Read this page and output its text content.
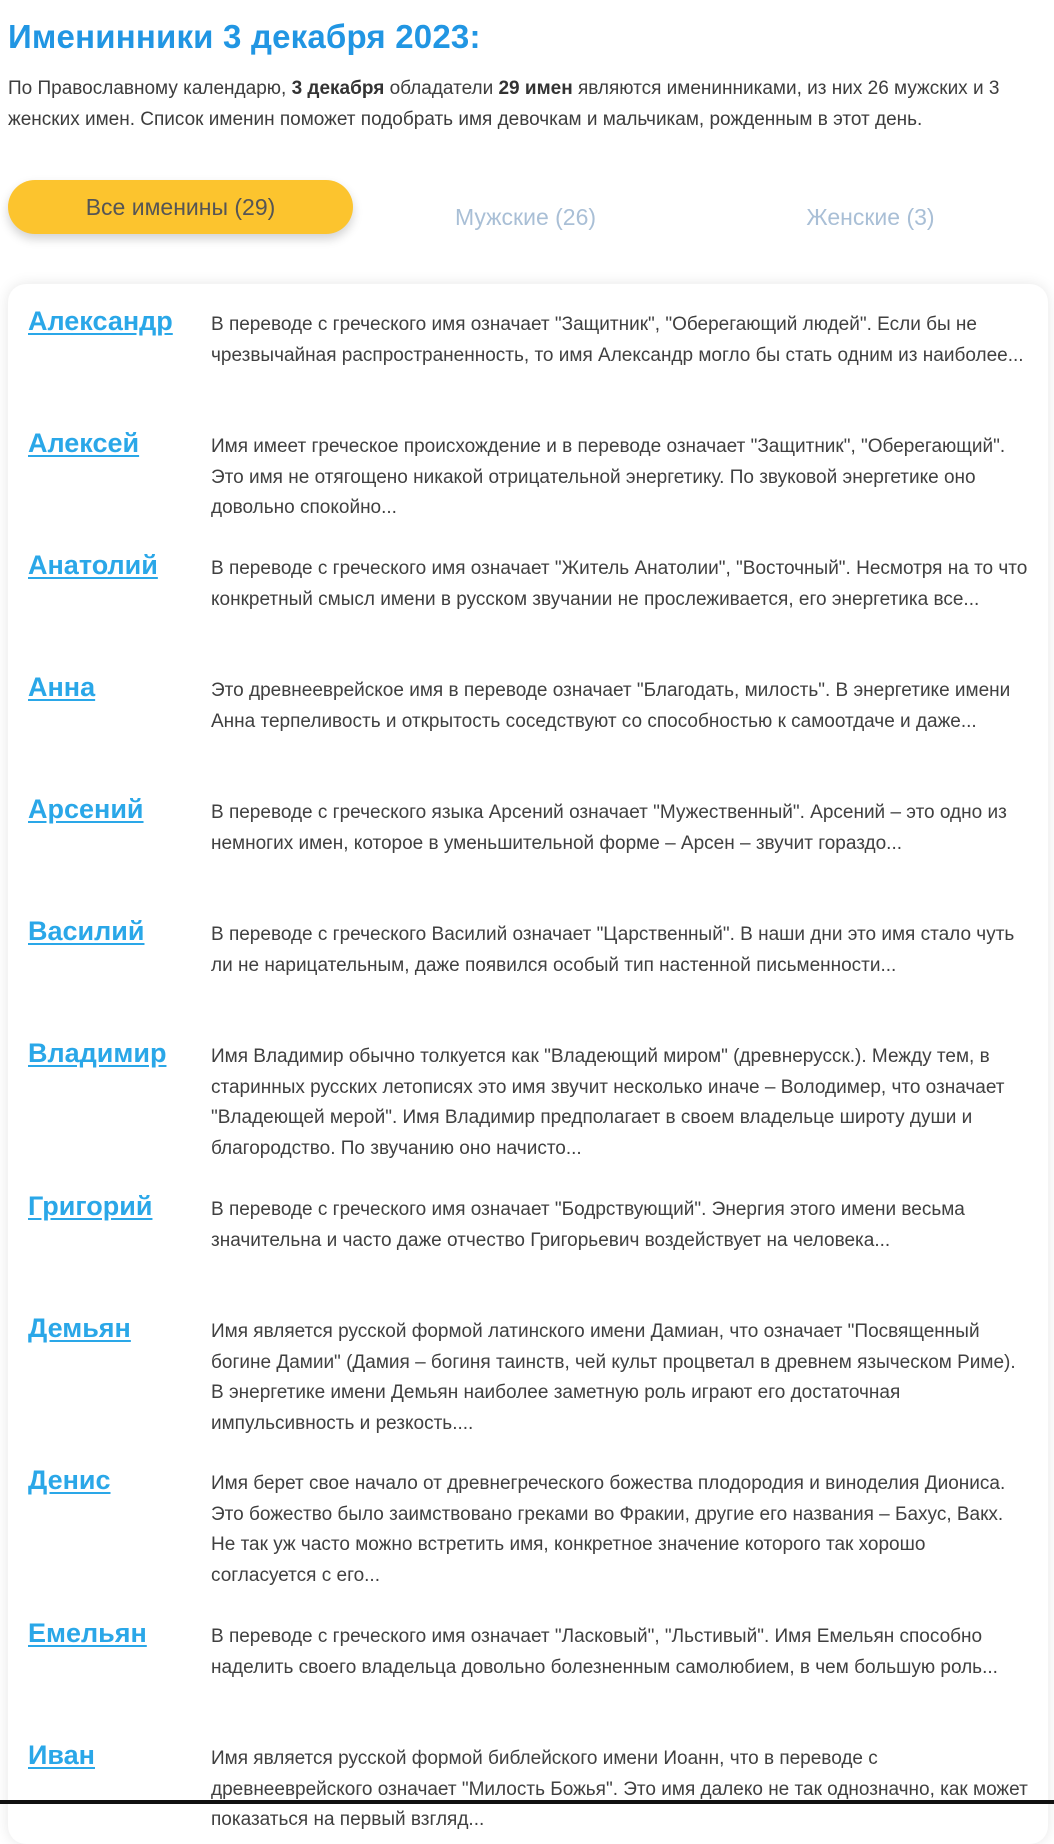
Именинники 3 декабря 2023:

По Православному календарю, 3 декабря обладатели 29 имен являются именинниками, из них 26 мужских и 3 женских имен. Список именин поможет подобрать имя девочкам и мальчикам, рожденным в этот день.

Все именины (29)	Мужские (26)	Женские (3)
Александр В переводе с греческого имя означает "Защитник", "Оберегающий людей". Если бы не чрезвычайная распространенность, то имя Александр могло бы стать одним из наиболее...

Алексей	Имя имеет греческое происхождение и в переводе означает "Защитник", "Оберегающий". Это имя не отягощено никакой отрицательной энергетику. По звуковой энергетике оно довольно спокойно...

Анатолий	В переводе с греческого имя означает "Житель Анатолии", "Восточный". Несмотря на то что конкретный смысл имени в русском звучании не прослеживается, его энергетика все...

Анна	Это древнееврейское имя в переводе означает "Благодать, милость". В энергетике имени Анна терпеливость и открытость соседствуют со способностью к самоотдаче и даже...

Арсений	В переводе с греческого языка Арсений означает "Мужественный". Арсений – это одно из немногих имен, которое в уменьшительной форме – Арсен – звучит гораздо...

Василий	В переводе с греческого Василий означает "Царственный". В наши дни это имя стало чуть ли не нарицательным, даже появился особый тип настенной письменности...

Владимир Имя Владимир обычно толкуется как "Владеющий миром" (древнерусск.). Между тем, в старинных русских летописях это имя звучит несколько иначе – Володимер, что означает "Владеющей мерой". Имя Владимир предполагает в своем владельце широту души и благородство. По звучанию оно начисто...

Григорий	В переводе с греческого имя означает "Бодрствующий". Энергия этого имени весьма значительна и часто даже отчество Григорьевич воздействует на человека...

Демьян	Имя является русской формой латинского имени Дамиан, что означает "Посвященный богине Дамии" (Дамия – богиня таинств, чей культ процветал в древнем языческом Риме). В энергетике имени Демьян наиболее заметную роль играют его достаточная импульсивность и резкость....

Денис	Имя берет свое начало от древнегреческого божества плодородия и виноделия Диониса. Это божество было заимствовано греками во Фракии, другие его названия – Бахус, Вакх. Не так уж часто можно встретить имя, конкретное значение которого так хорошо согласуется с его...

Емельян	В переводе с греческого имя означает "Ласковый", "Льстивый". Имя Емельян способно наделить своего владельца довольно болезненным самолюбием, в чем большую роль...

Иван	Имя является русской формой библейского имени Иоанн, что в переводе с древнееврейского означает "Милость Божья". Это имя далеко не так однозначно, как может показаться на первый взгляд...
